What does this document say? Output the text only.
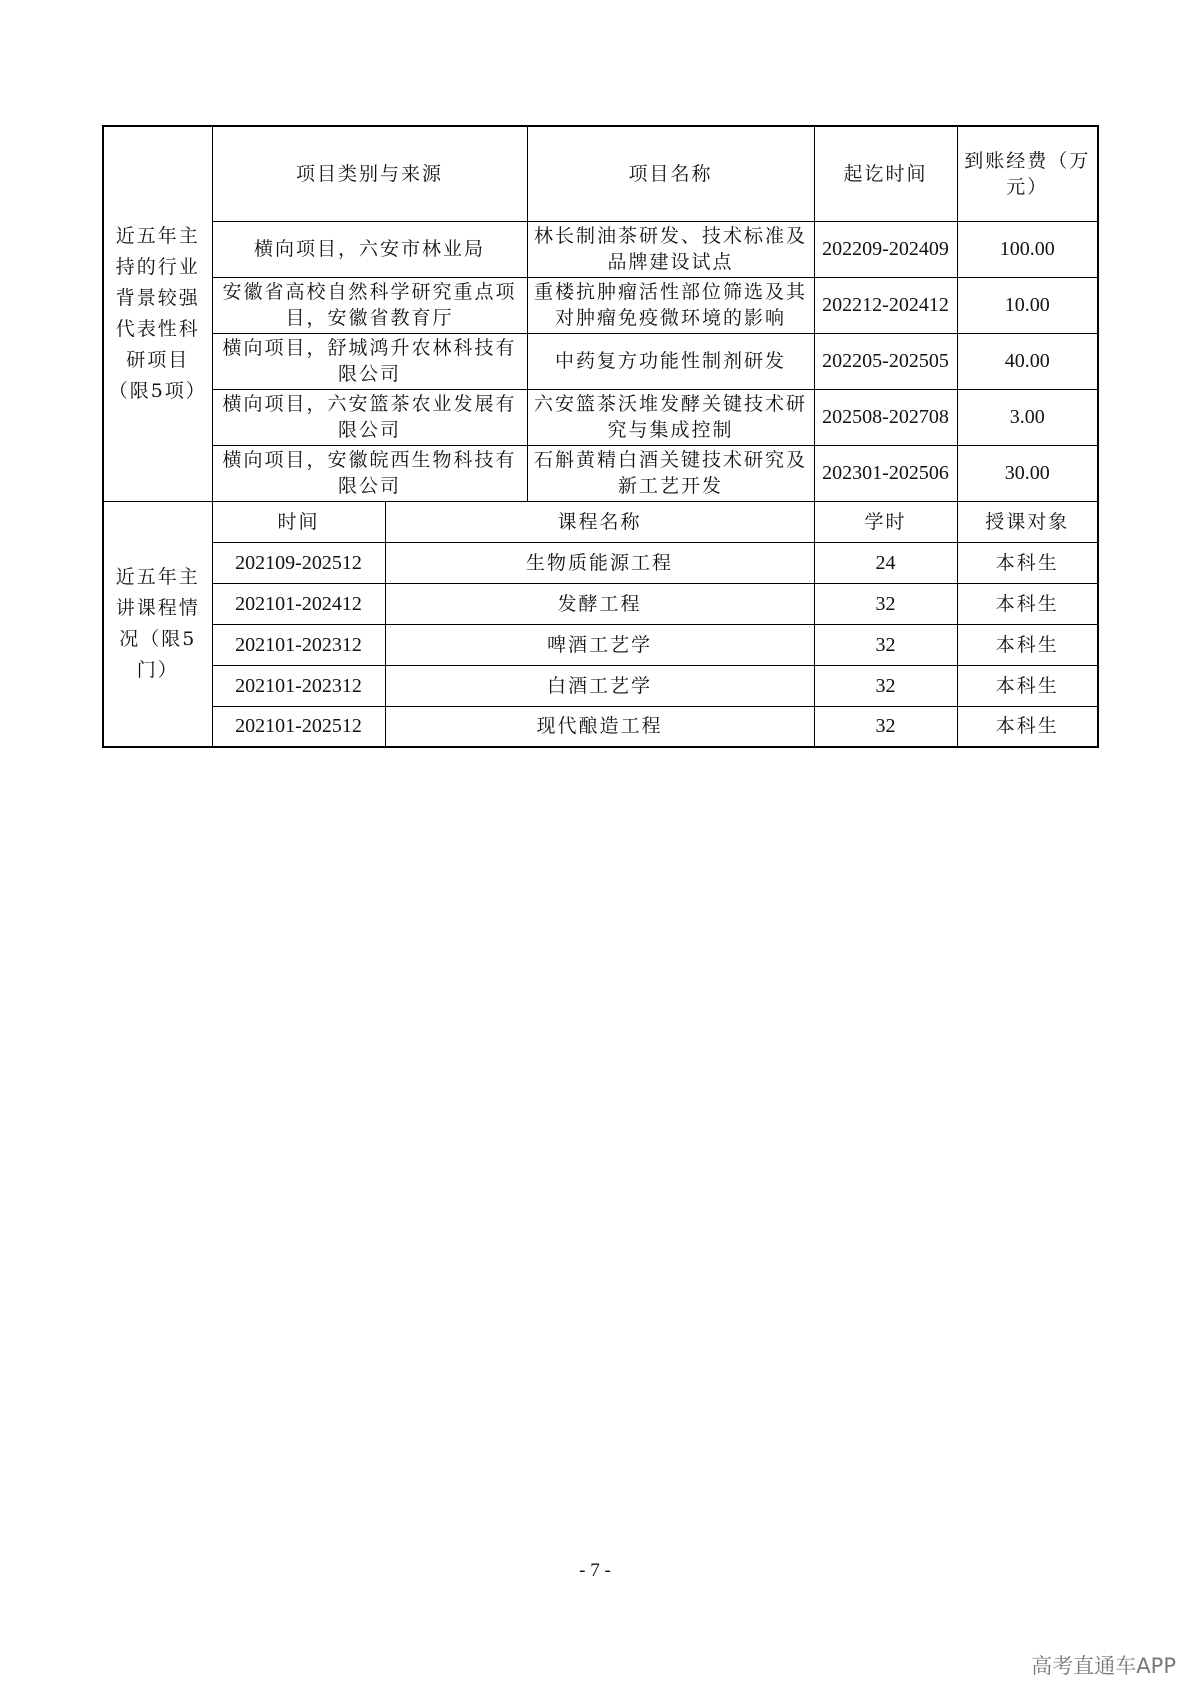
近五年主持的行业背景较强代表性科研项目（限5项）	项目类别与来源		项目名称	起讫时间	到账经费（万元）
	横向项目，六安市林业局		林长制油茶研发、技术标准及品牌建设试点	202209-202409	100.00
	安徽省高校自然科学研究重点项目，安徽省教育厅		重楼抗肿瘤活性部位筛选及其对肿瘤免疫微环境的影响	202212-202412	10.00
	横向项目，舒城鸿升农林科技有限公司		中药复方功能性制剂研发	202205-202505	40.00
	横向项目，六安篮茶农业发展有限公司		六安篮茶沃堆发酵关键技术研究与集成控制	202508-202708	3.00
	横向项目，安徽皖西生物科技有限公司		石斛黄精白酒关键技术研究及新工艺开发	202301-202506	30.00
近五年主讲课程情况（限5门）	时间	课程名称		学时	授课对象
	202109-202512	生物质能源工程		24	本科生
	202101-202412	发酵工程		32	本科生
	202101-202312	啤酒工艺学		32	本科生
	202101-202312	白酒工艺学		32	本科生
	202101-202512	现代酿造工程		32	本科生
- 7 -
高考直通车APP
